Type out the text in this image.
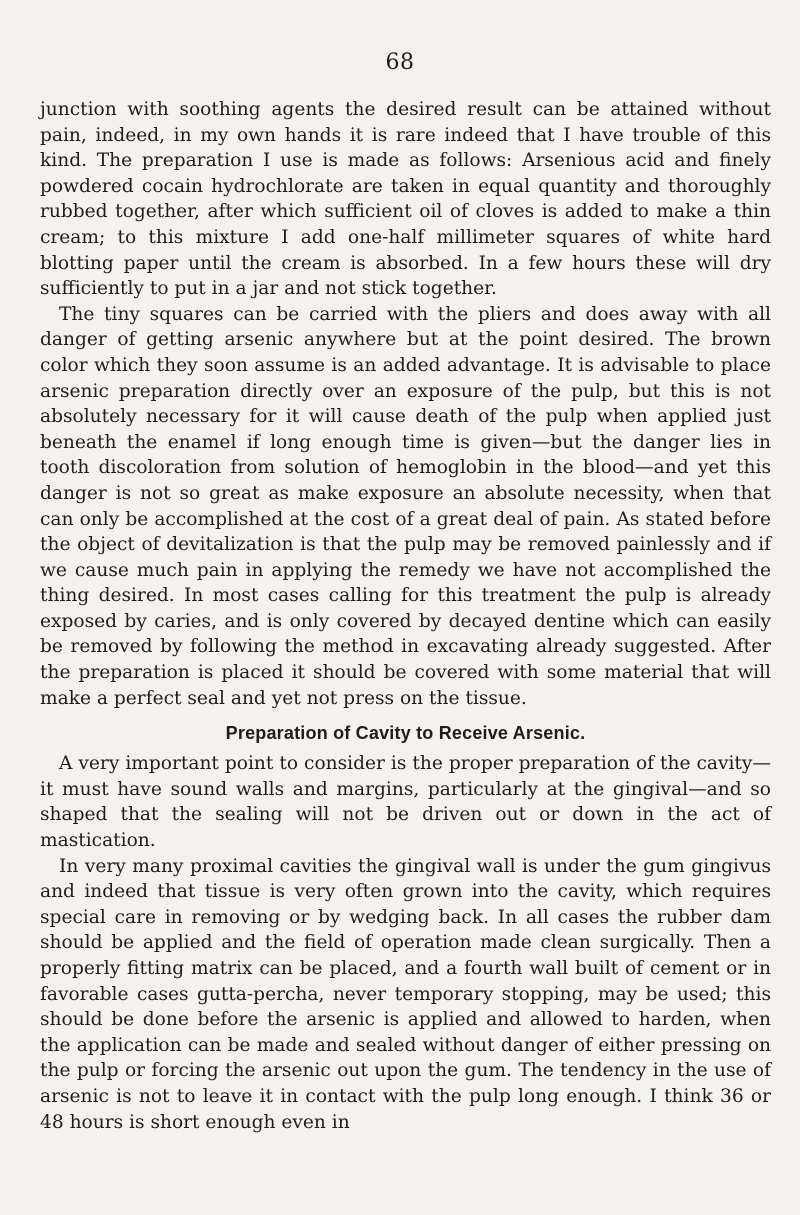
68

junction with soothing agents the desired result can be attained without pain, indeed, in my own hands it is rare indeed that I have trouble of this kind. The preparation I use is made as follows: Arsenious acid and finely powdered cocain hydrochlorate are taken in equal quantity and thoroughly rubbed together, after which sufficient oil of cloves is added to make a thin cream; to this mixture I add one-half millimeter squares of white hard blotting paper until the cream is absorbed. In a few hours these will dry sufficiently to put in a jar and not stick together.

The tiny squares can be carried with the pliers and does away with all danger of getting arsenic anywhere but at the point desired. The brown color which they soon assume is an added advantage. It is advisable to place arsenic preparation directly over an exposure of the pulp, but this is not absolutely necessary for it will cause death of the pulp when applied just beneath the enamel if long enough time is given—but the danger lies in tooth discoloration from solution of hemoglobin in the blood—and yet this danger is not so great as make exposure an absolute necessity, when that can only be accomplished at the cost of a great deal of pain. As stated before the object of devitalization is that the pulp may be removed painlessly and if we cause much pain in applying the remedy we have not accomplished the thing desired. In most cases calling for this treatment the pulp is already exposed by caries, and is only covered by decayed dentine which can easily be removed by following the method in excavating already suggested. After the preparation is placed it should be covered with some material that will make a perfect seal and yet not press on the tissue.

Preparation of Cavity to Receive Arsenic.

A very important point to consider is the proper preparation of the cavity—it must have sound walls and margins, particularly at the gingival—and so shaped that the sealing will not be driven out or down in the act of mastication.

In very many proximal cavities the gingival wall is under the gum gingivus and indeed that tissue is very often grown into the cavity, which requires special care in removing or by wedging back. In all cases the rubber dam should be applied and the field of operation made clean surgically. Then a properly fitting matrix can be placed, and a fourth wall built of cement or in favorable cases gutta-percha, never temporary stopping, may be used; this should be done before the arsenic is applied and allowed to harden, when the application can be made and sealed without danger of either pressing on the pulp or forcing the arsenic out upon the gum. The tendency in the use of arsenic is not to leave it in contact with the pulp long enough. I think 36 or 48 hours is short enough even in
